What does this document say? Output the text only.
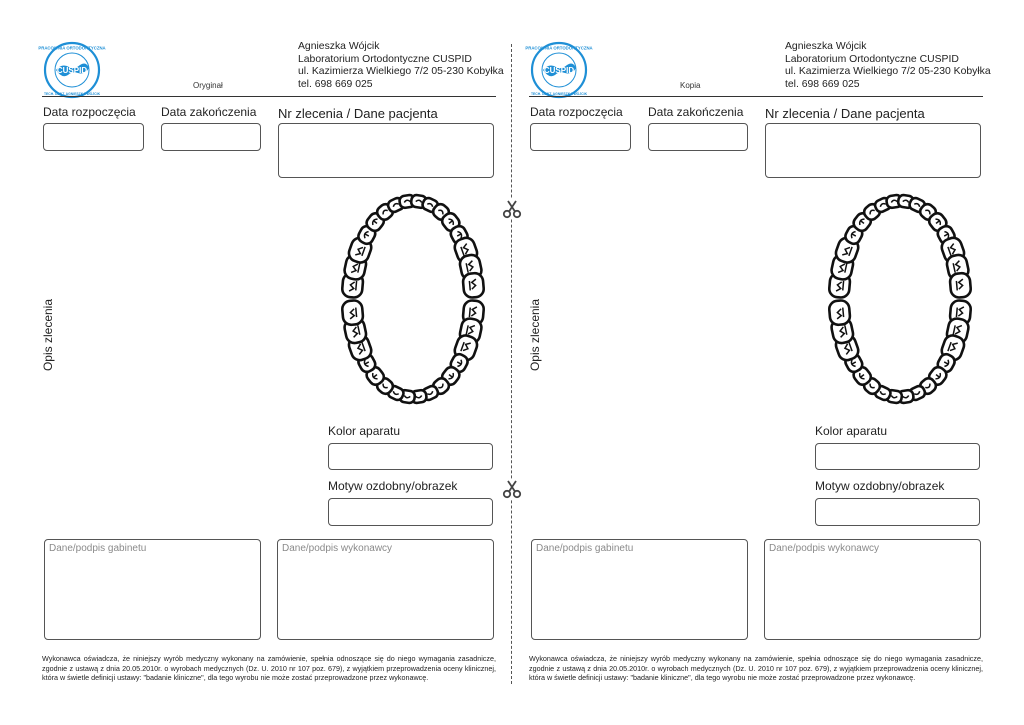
CUSPID
PRACOWNIA ORTODONTYCZNA
TECH. DENT. AGNIESZKA WÓJCIK
Oryginał
Agnieszka Wójcik
Laboratorium Ortodontyczne CUSPID
ul. Kazimierza Wielkiego 7/2 05-230 Kobyłka
tel. 698 669 025
Data rozpoczęcia Data zakończenia Nr zlecenia / Dane pacjenta
Opis zlecenia
Kolor aparatu
Motyw ozdobny/obrazek
Dane/podpis gabinetu	Dane/podpis wykonawcy
Wykonawca oświadcza, że niniejszy wyrób medyczny wykonany na zamówienie, spełnia odnoszące się do niego wymagania zasadnicze, zgodnie z ustawą z dnia 20.05.2010r. o wyrobach medycznych (Dz. U. 2010 nr 107 poz. 679), z wyjątkiem przeprowadzenia oceny klinicznej, która w świetle definicji ustawy: "badanie kliniczne", dla tego wyrobu nie może zostać przeprowadzone przez wykonawcę.
CUSPID
PRACOWNIA ORTODONTYCZNA
TECH. DENT. AGNIESZKA WÓJCIK
Kopia
Agnieszka Wójcik
Laboratorium Ortodontyczne CUSPID
ul. Kazimierza Wielkiego 7/2 05-230 Kobyłka
tel. 698 669 025
Data rozpoczęcia Data zakończenia Nr zlecenia / Dane pacjenta
Opis zlecenia
Kolor aparatu
Motyw ozdobny/obrazek
Dane/podpis gabinetu	Dane/podpis wykonawcy
Wykonawca oświadcza, że niniejszy wyrób medyczny wykonany na zamówienie, spełnia odnoszące się do niego wymagania zasadnicze, zgodnie z ustawą z dnia 20.05.2010r. o wyrobach medycznych (Dz. U. 2010 nr 107 poz. 679), z wyjątkiem przeprowadzenia oceny klinicznej, która w świetle definicji ustawy: "badanie kliniczne", dla tego wyrobu nie może zostać przeprowadzone przez wykonawcę.
